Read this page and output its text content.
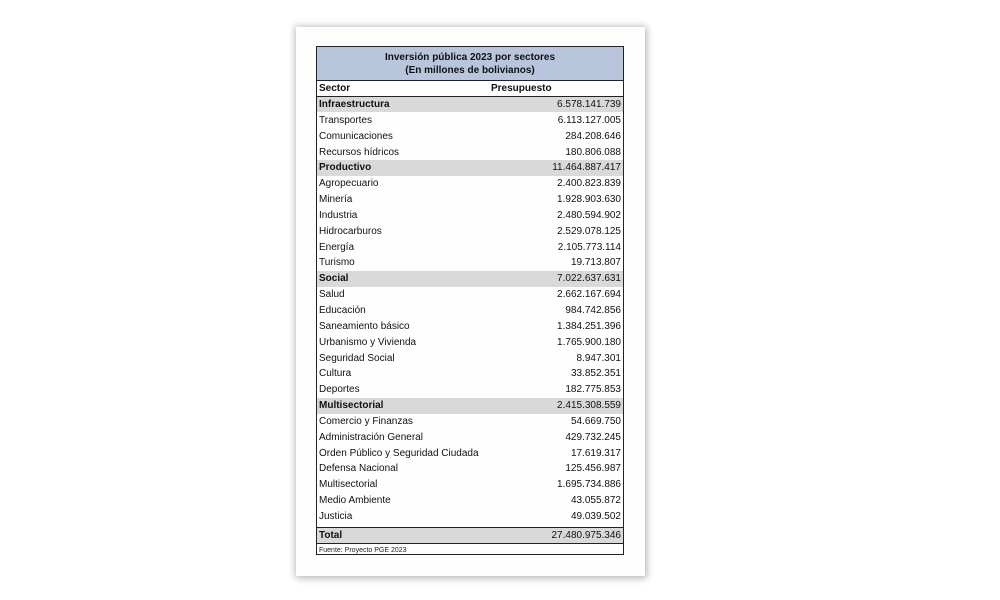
Inversión pública 2023 por sectores
(En millones de bolivianos)
Sector	Presupuesto
Infraestructura	6.578.141.739
Transportes	6.113.127.005
Comunicaciones	284.208.646
Recursos hídricos	180.806.088
Productivo	11.464.887.417
Agropecuario	2.400.823.839
Minería	1.928.903.630
Industria	2.480.594.902
Hidrocarburos	2.529.078.125
Energía	2.105.773.114
Turismo	19.713.807
Social	7.022.637.631
Salud	2.662.167.694
Educación	984.742.856
Saneamiento básico	1.384.251.396
Urbanismo y Vivienda	1.765.900.180
Seguridad Social	8.947.301
Cultura	33.852.351
Deportes	182.775.853
Multisectorial	2.415.308.559
Comercio y Finanzas	54.669.750
Administración General	429.732.245
Órden Público y Seguridad Ciudada	17.619.317
Defensa Nacional	125.456.987
Multisectorial	1.695.734.886
Medio Ambiente	43.055.872
Justicia	49.039.502
Total	27.480.975.346
Fuente: Proyecto PGE 2023
